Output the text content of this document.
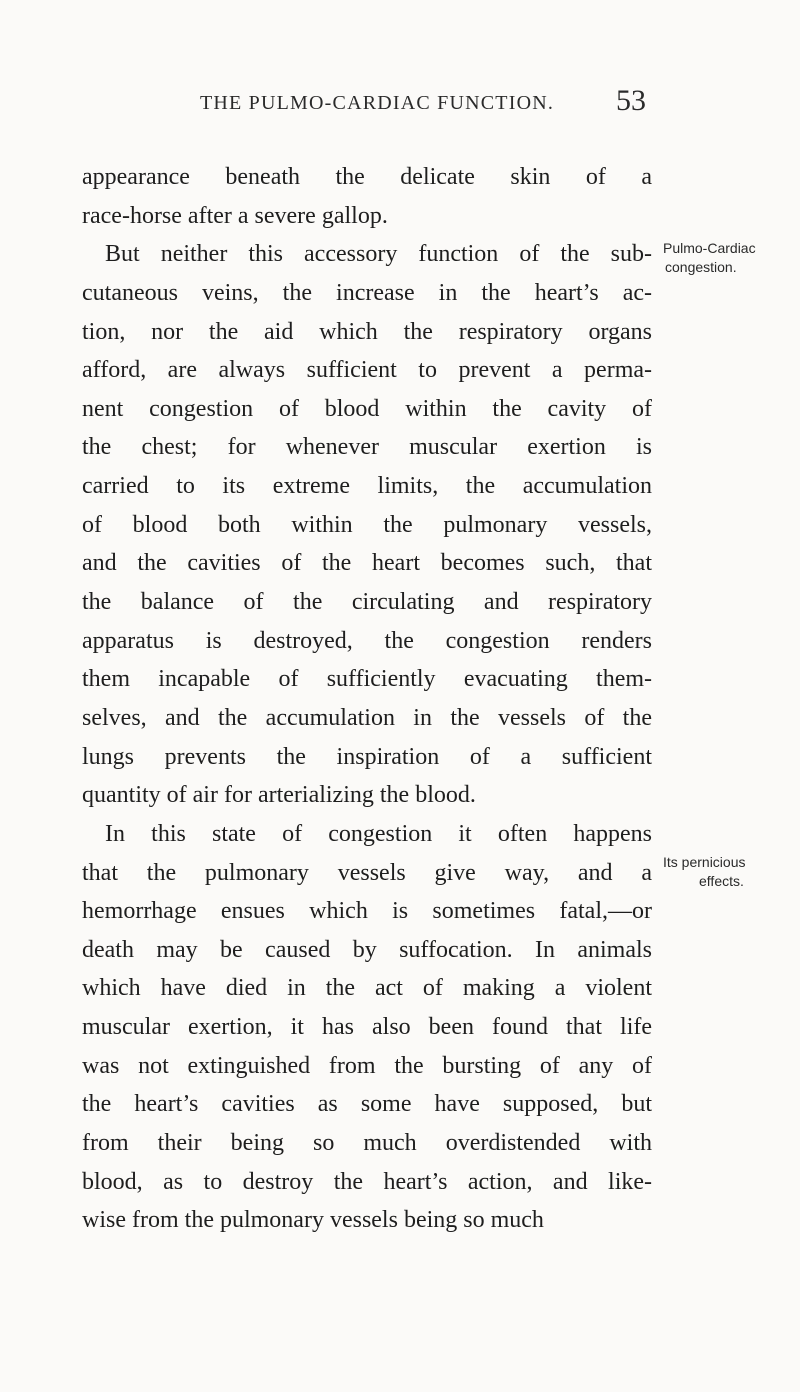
THE PULMO-CARDIAC FUNCTION. 53
appearance beneath the delicate skin of a
race-horse after a severe gallop.
But neither this accessory function of the sub-
cutaneous veins, the increase in the heart’s ac-
tion, nor the aid which the respiratory organs
afford, are always sufficient to prevent a perma-
nent congestion of blood within the cavity of
the chest; for whenever muscular exertion is
carried to its extreme limits, the accumulation
of blood both within the pulmonary vessels,
and the cavities of the heart becomes such, that
the balance of the circulating and respiratory
apparatus is destroyed, the congestion renders
them incapable of sufficiently evacuating them-
selves, and the accumulation in the vessels of the
lungs prevents the inspiration of a sufficient
quantity of air for arterializing the blood.
In this state of congestion it often happens
that the pulmonary vessels give way, and a
hemorrhage ensues which is sometimes fatal,—or
death may be caused by suffocation. In animals
which have died in the act of making a violent
muscular exertion, it has also been found that life
was not extinguished from the bursting of any of
the heart’s cavities as some have supposed, but
from their being so much overdistended with
blood, as to destroy the heart’s action, and like-
wise from the pulmonary vessels being so much
Pulmo-Cardiac
congestion.
Its pernicious
effects.
